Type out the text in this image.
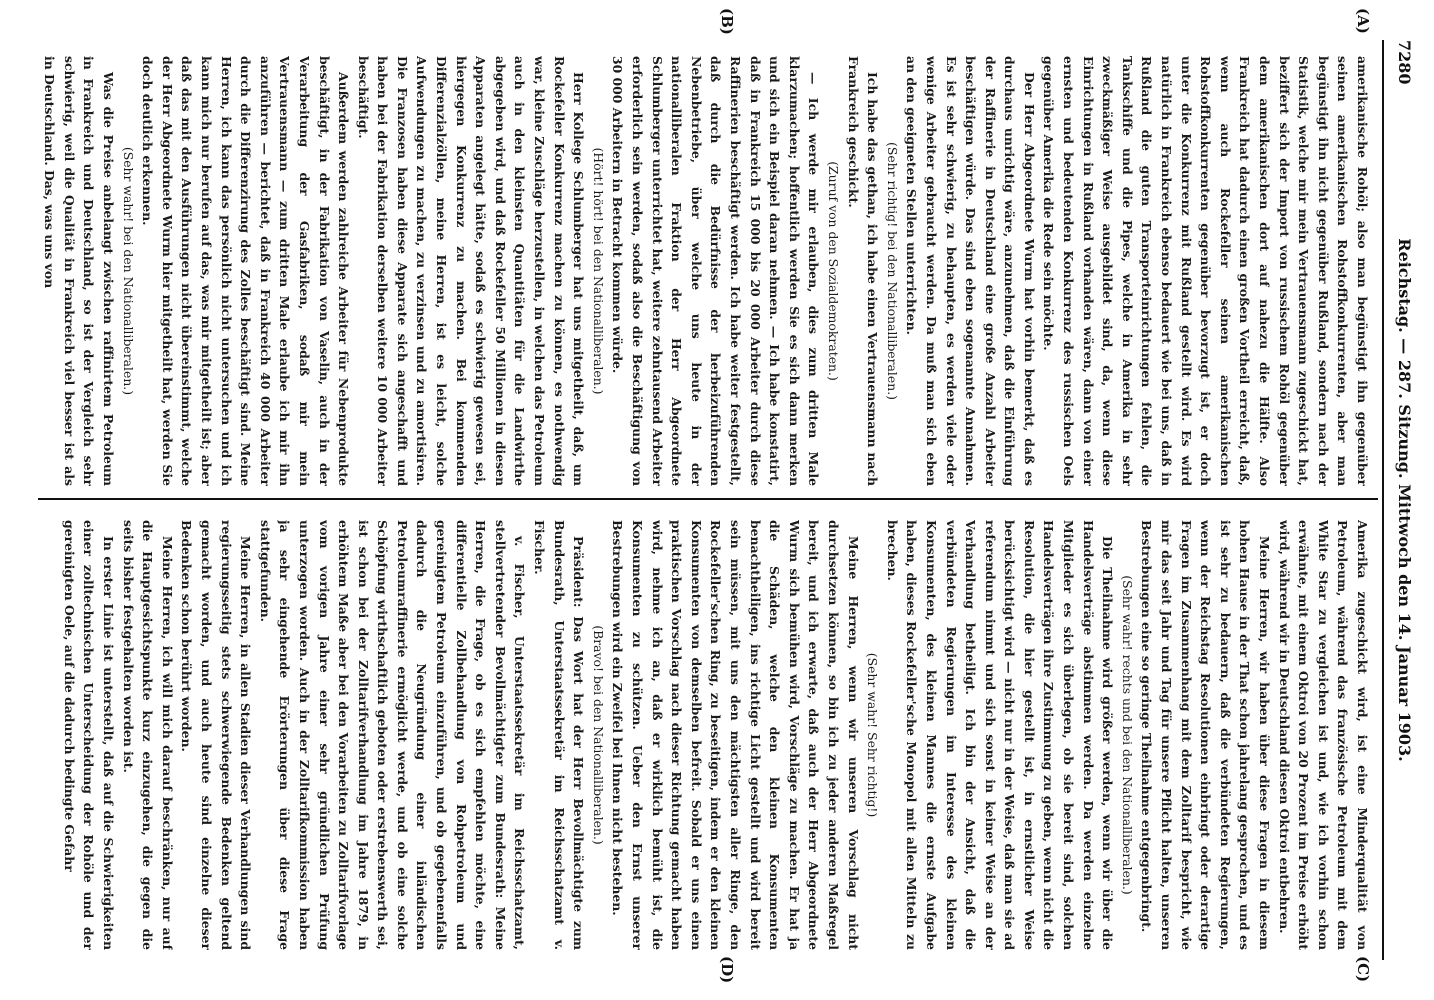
7280
Reichstag. — 287. Sitzung. Mittwoch den 14. Januar 1903.
(A)
(B)
(C)
(D)

amerikanische Rohöl; also man begünstigt ihn gegenüber seinen amerikanischen Rohstoffkonkurrenten, aber man begünstigt ihn nicht gegenüber Rußland, sondern nach der Statistik, welche mir mein Vertrauensmann zugeschickt hat, beziffert sich der Import von russischem Rohöl gegenüber dem amerikanischen dort auf nahezu die Hälfte. Also Frankreich hat dadurch einen großen Vortheil erreicht, daß, wenn auch Rockefeller seinen amerikanischen Rohstoffkonkurrenten gegenüber bevorzugt ist, er doch unter die Konkurrenz mit Rußland gestellt wird. Es wird natürlich in Frankreich ebenso bedauert wie bei uns, daß in Rußland die guten Transporteinrichtungen fehlen, die Tankschiffe und die Pipes, welche in Amerika in sehr zweckmäßiger Weise ausgebildet sind, da, wenn diese Einrichtungen in Rußland vorhanden wären, dann von einer ernsten und bedeutenden Konkurrenz des russischen Oels gegenüber Amerika die Rede sein möchte.

Der Herr Abgeordnete Wurm hat vorhin bemerkt, daß es durchaus unrichtig wäre, anzunehmen, daß die Einführung der Raffinerie in Deutschland eine große Anzahl Arbeiter beschäftigen würde. Das sind eben sogenannte Annahmen. Es ist sehr schwierig, zu behaupten, es werden viele oder wenige Arbeiter gebraucht werden. Da muß man sich eben an den geeigneten Stellen unterrichten.

(Sehr richtig! bei den Nationalliberalen.)

Ich habe das gethan, ich habe einen Vertrauensmann nach Frankreich geschickt.

(Zuruf von den Sozialdemokraten.)

— Ich werde mir erlauben, dies zum dritten Male klarzumachen; hoffentlich werden Sie es sich dann merken und sich ein Beispiel daran nehmen. — Ich habe konstatirt, daß in Frankreich 15 000 bis 20 000 Arbeiter durch diese Raffinerien beschäftigt werden. Ich habe weiter festgestellt, daß durch die Bedürfnisse der herbeizuführenden Nebenbetriebe, über welche uns heute in der nationalliberalen Fraktion der Herr Abgeordnete Schlumberger unterrichtet hat, weitere zehntausend Arbeiter erforderlich sein werden, sodaß also die Beschäftigung von 30 000 Arbeitern in Betracht kommen würde.

(Hört! hört! bei den Nationalliberalen.)

Herr Kollege Schlumberger hat uns mitgetheilt, daß, um Rockefeller Konkurrenz machen zu können, es nothwendig war, kleine Zuschläge herzustellen, in welchen das Petroleum auch in den kleinsten Quantitäten für die Landwirthe abgegeben wird, und daß Rockefeller 50 Millionen in diesen Apparaten angelegt hätte, sodaß es schwierig gewesen sei, hiergegen Konkurrenz zu machen. Bei kommenden Differenzialzöllen, meine Herren, ist es leicht, solche Aufwendungen zu machen, zu verzinsen und zu amortisiren. Die Franzosen haben diese Apparate sich angeschafft und haben bei der Fabrikation derselben weitere 10 000 Arbeiter beschäftigt.

Außerdem werden zahlreiche Arbeiter für Nebenprodukte beschäftigt, in der Fabrikation von Vaselin, auch in der Verarbeitung der Gasfabriken, sodaß mir mein Vertrauensmann — zum dritten Male erlaube ich mir ihn anzuführen — berichtet, daß in Frankreich 40 000 Arbeiter durch die Differenzirung des Zolles beschäftigt sind. Meine Herren, ich kann das persönlich nicht untersuchen und ich kann mich nur berufen auf das, was mir mitgetheilt ist; aber daß das mit den Ausführungen nicht übereinstimmt, welche der Herr Abgeordnete Wurm hier mitgetheilt hat, werden Sie doch deutlich erkennen.

(Sehr wahr! bei den Nationalliberalen.)

Was die Preise anbelangt zwischen raffinirtem Petroleum in Frankreich und Deutschland, so ist der Vergleich sehr schwierig, weil die Qualität in Frankreich viel besser ist als in Deutschland. Das, was uns von

Amerika zugeschickt wird, ist eine Minderqualität von Petroleum, während das französische Petroleum mit dem White Star zu vergleichen ist und, wie ich vorhin schon erwähnte, mit einem Oktroi von 20 Prozent im Preise erhöht wird, während wir in Deutschland diesen Oktroi entbehren.

Meine Herren, wir haben über diese Fragen in diesem hohen Hause in der That schon jahrelang gesprochen, und es ist sehr zu bedauern, daß die verbündeten Regierungen, wenn der Reichstag Resolutionen einbringt oder derartige Fragen im Zusammenhang mit dem Zolltarif bespricht, wie mir das seit Jahr und Tag für unsere Pflicht halten, unseren Bestrebungen eine so geringe Theilnahme entgegenbringt.

(Sehr wahr! rechts und bei den Nationalliberalen.)

Die Theilnahme wird größer werden, wenn wir über die Handelsverträge abstimmen werden. Da werden einzelne Mitglieder es sich überlegen, ob sie bereit sind, solchen Handelsverträgen ihre Zustimmung zu geben, wenn nicht die Resolution, die hier gestellt ist, in ernstlicher Weise berücksichtigt wird — nicht nur in der Weise, daß man sie ad referendum nimmt und sich sonst in keiner Weise an der Verhandlung betheiligt. Ich bin der Ansicht, daß die verbündeten Regierungen im Interesse des kleinen Konsumenten, des kleinen Mannes die ernste Aufgabe haben, dieses Rockefeller'sche Monopol mit allen Mitteln zu brechen.

(Sehr wahr! Sehr richtig!)

Meine Herren, wenn wir unseren Vorschlag nicht durchsetzen können, so bin ich zu jeder anderen Maßregel bereit, und ich erwarte, daß auch der Herr Abgeordnete Wurm sich bemühen wird, Vorschläge zu machen. Er hat ja die Schäden, welche den kleinen Konsumenten benachtheiligen, ins richtige Licht gestellt und wird bereit sein müssen, mit uns den mächtigsten aller Ringe, den Rockefeller'schen Ring, zu beseitigen, indem er den kleinen Konsumenten von demselben befreit. Sobald er uns einen praktischen Vorschlag nach dieser Richtung gemacht haben wird, nehme ich an, daß er wirklich bemüht ist, die Konsumenten zu schützen. Ueber den Ernst unserer Bestrebungen wird ein Zweifel bei Ihnen nicht bestehen.

(Bravo! bei den Nationalliberalen.)

Präsident: Das Wort hat der Herr Bevollmächtigte zum Bundesrath, Unterstaatssekretär im Reichsschatzamt v. Fischer.

v. Fischer, Unterstaatssekretär im Reichsschatzamt, stellvertretender Bevollmächtigter zum Bundesrath: Meine Herren, die Frage, ob es sich empfehlen möchte, eine differentielle Zollbehandlung von Rohpetroleum und gereinigtem Petroleum einzuführen, und ob gegebenenfalls dadurch die Neugründung einer inländischen Petroleumraffinerie ermöglicht werde, und ob eine solche Schöpfung wirthschaftlich geboten oder erstrebenswerth sei, ist schon bei der Zolltarifverhandlung im Jahre 1879, in erhöhtem Maße aber bei den Vorarbeiten zu Zolltarifvorlage vom vorigen Jahre einer sehr gründlichen Prüfung unterzogen worden. Auch in der Zolltarifkommission haben ja sehr eingehende Erörterungen über diese Frage stattgefunden.

Meine Herren, in allen Stadien dieser Verhandlungen sind regierungsseitig stets schwerwiegende Bedenken geltend gemacht worden, und auch heute sind einzelne dieser Bedenken schon berührt worden.

Meine Herren, ich will mich darauf beschränken, nur auf die Hauptgesichtspunkte kurz einzugehen, die gegen die seits bisher festgehalten worden ist.

In erster Linie ist unterstellt, daß auf die Schwierigkeiten einer zolltechnischen Unterscheidung der Rohöle und der gereinigten Oele, auf die dadurch bedingte Gefahr
